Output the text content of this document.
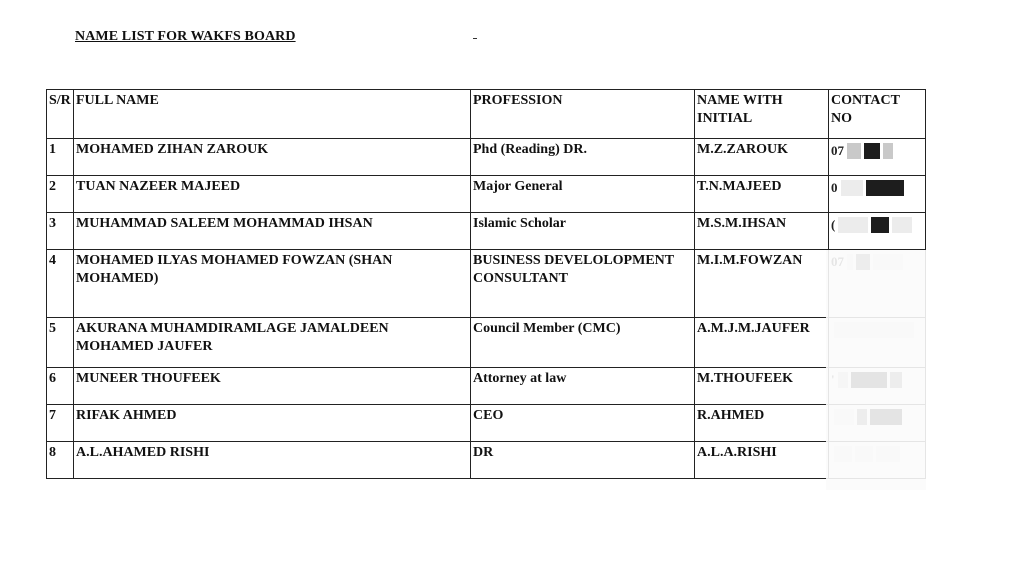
NAME LIST FOR WAKFS BOARD
S/R	FULL NAME	PROFESSION	NAME WITH INITIAL	CONTACT NO
1	MOHAMED ZIHAN ZAROUK	Phd (Reading) DR.	M.Z.ZAROUK	07

2	TUAN NAZEER MAJEED	Major General	T.N.MAJEED	0

3	MUHAMMAD SALEEM MOHAMMAD IHSAN	Islamic Scholar	M.S.M.IHSAN	(

4	MOHAMED ILYAS MOHAMED FOWZAN (SHAN MOHAMED)	BUSINESS DEVELOLOPMENT CONSULTANT	M.I.M.FOWZAN	

5	AKURANA MUHAMDIRAMLAGE JAMALDEEN MOHAMED JAUFER	Council Member (CMC)	A.M.J.M.JAUFER	

6	MUNEER THOUFEEK	Attorney at law	M.THOUFEEK	

7	RIFAK AHMED	CEO	R.AHMED	

8	A.L.AHAMED RISHI	DR	A.L.A.RISHI	
